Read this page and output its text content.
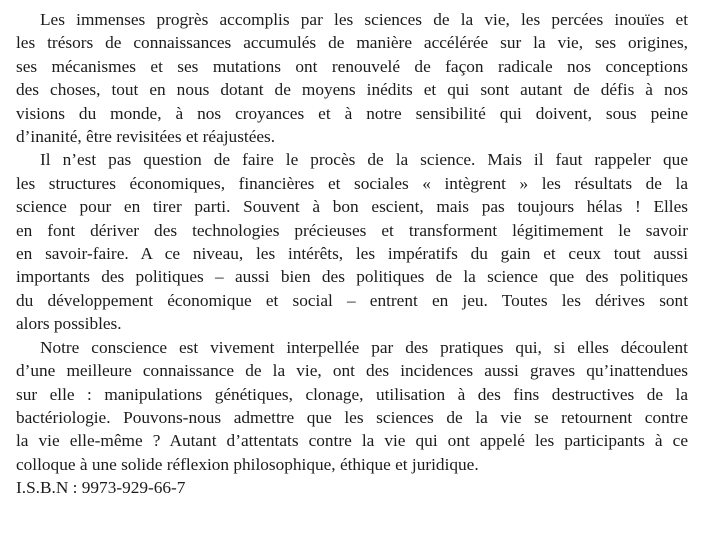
Les immenses progrès accomplis par les sciences de la vie, les percées inouïes et
les trésors de connaissances accumulés de manière accélérée sur la vie, ses origines,
ses mécanismes et ses mutations ont renouvelé de façon radicale nos conceptions
des choses, tout en nous dotant de moyens inédits et qui sont autant de défis à nos
visions du monde, à nos croyances et à notre sensibilité qui doivent, sous peine
d’inanité, être revisitées et réajustées.
Il n’est pas question de faire le procès de la science. Mais il faut rappeler que
les structures économiques, financières et sociales « intègrent » les résultats de la
science pour en tirer parti. Souvent à bon escient, mais pas toujours hélas ! Elles
en font dériver des technologies précieuses et transforment légitimement le savoir
en savoir-faire. A ce niveau, les intérêts, les impératifs du gain et ceux tout aussi
importants des politiques – aussi bien des politiques de la science que des politiques
du développement économique et social – entrent en jeu. Toutes les dérives sont
alors possibles.
Notre conscience est vivement interpellée par des pratiques qui, si elles découlent
d’une meilleure connaissance de la vie, ont des incidences aussi graves qu’inattendues
sur elle : manipulations génétiques, clonage, utilisation à des fins destructives de la
bactériologie. Pouvons-nous admettre que les sciences de la vie se retournent contre
la vie elle-même ? Autant d’attentats contre la vie qui ont appelé les participants à ce
colloque à une solide réflexion philosophique, éthique et juridique.

I.S.B.N : 9973-929-66-7
